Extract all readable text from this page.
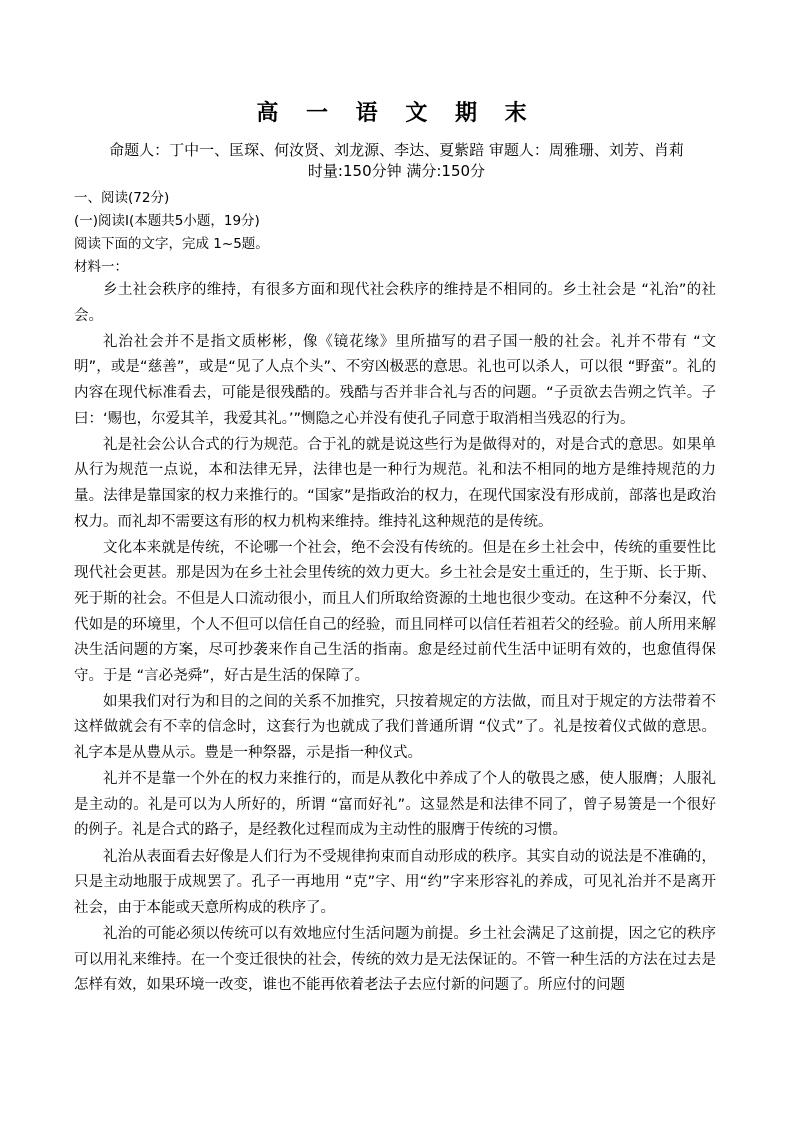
高 一 语 文 期 末
命题人：丁中一、匡琛、何汝贤、刘龙源、李达、夏紫踣 审题人：周雅珊、刘芳、肖莉
时量:150分钟 满分:150分

一、阅读(72分)

(一)阅读Ⅰ(本题共5小题，19分)

阅读下面的文字，完成 1~5题。

材料一：

乡土社会秩序的维持，有很多方面和现代社会秩序的维持是不相同的。乡土社会是 “礼治”的社会。

礼治社会并不是指文质彬彬，像《镜花缘》里所描写的君子国一般的社会。礼并不带有 “文明”，或是“慈善”，或是“见了人点个头”、不穷凶极恶的意思。礼也可以杀人，可以很 “野蛮”。礼的内容在现代标准看去，可能是很残酷的。残酷与否并非合礼与否的问题。“子贡欲去告朔之饩羊。子曰：‘赐也，尔爱其羊，我爱其礼。’”恻隐之心并没有使孔子同意于取消相当残忍的行为。

礼是社会公认合式的行为规范。合于礼的就是说这些行为是做得对的，对是合式的意思。如果单从行为规范一点说，本和法律无异，法律也是一种行为规范。礼和法不相同的地方是维持规范的力量。法律是靠国家的权力来推行的。“国家”是指政治的权力，在现代国家没有形成前，部落也是政治权力。而礼却不需要这有形的权力机构来维持。维持礼这种规范的是传统。

文化本来就是传统，不论哪一个社会，绝不会没有传统的。但是在乡土社会中，传统的重要性比现代社会更甚。那是因为在乡土社会里传统的效力更大。乡土社会是安土重迁的，生于斯、长于斯、死于斯的社会。不但是人口流动很小，而且人们所取给资源的土地也很少变动。在这种不分秦汉，代代如是的环境里，个人不但可以信任自己的经验，而且同样可以信任若祖若父的经验。前人所用来解决生活问题的方案，尽可抄袭来作自己生活的指南。愈是经过前代生活中证明有效的，也愈值得保守。于是 “言必尧舜”，好古是生活的保障了。

如果我们对行为和目的之间的关系不加推究，只按着规定的方法做，而且对于规定的方法带着不这样做就会有不幸的信念时，这套行为也就成了我们普通所谓 “仪式”了。礼是按着仪式做的意思。礼字本是从豊从示。豊是一种祭器，示是指一种仪式。

礼并不是靠一个外在的权力来推行的，而是从教化中养成了个人的敬畏之感，使人服膺；人服礼是主动的。礼是可以为人所好的，所谓 “富而好礼”。这显然是和法律不同了，曾子易箦是一个很好的例子。礼是合式的路子，是经教化过程而成为主动性的服膺于传统的习惯。

礼治从表面看去好像是人们行为不受规律拘束而自动形成的秩序。其实自动的说法是不准确的，只是主动地服于成规罢了。孔子一再地用 “克”字、用“约”字来形容礼的养成，可见礼治并不是离开社会，由于本能或天意所构成的秩序了。

礼治的可能必须以传统可以有效地应付生活问题为前提。乡土社会满足了这前提，因之它的秩序可以用礼来维持。在一个变迁很快的社会，传统的效力是无法保证的。不管一种生活的方法在过去是怎样有效，如果环境一改变，谁也不能再依着老法子去应付新的问题了。所应付的问题
